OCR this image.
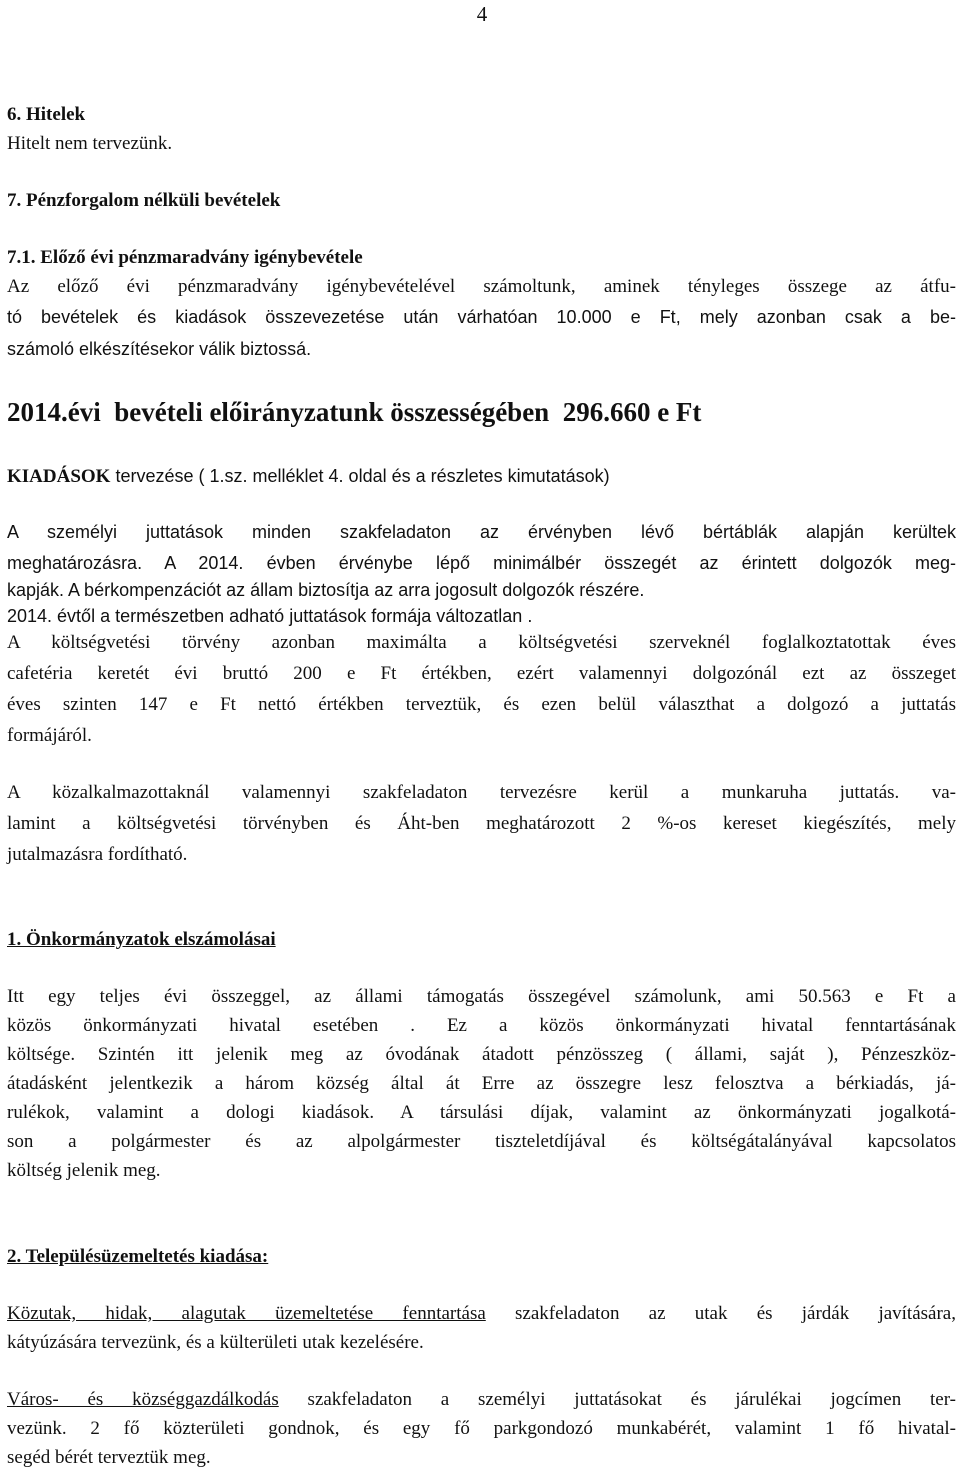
4
6. Hitelek
Hitelt nem tervezünk.
7. Pénzforgalom nélküli bevételek
7.1. Előző évi pénzmaradvány igénybevétele
Az előző évi pénzmaradvány igénybevételével számoltunk, aminek tényleges összege az átfu-
tó bevételek és kiadások összevezetése után várhatóan 10.000 e Ft, mely azonban csak a be-
számoló elkészítésekor válik biztossá.
2014.évi  bevételi előirányzatunk összességében  296.660 e Ft
KIADÁSOK tervezése ( 1.sz. melléklet 4. oldal és a részletes kimutatások)
A személyi juttatások minden szakfeladaton az érvényben lévő bértáblák alapján kerültek
meghatározásra. A 2014. évben érvénybe lépő minimálbér összegét az érintett dolgozók meg-
kapják. A bérkompenzációt az állam biztosítja az arra jogosult dolgozók részére.
2014. évtől a természetben adható juttatások formája változatlan .
A költségvetési törvény azonban maximálta a költségvetési szerveknél foglalkoztatottak éves
cafetéria keretét évi bruttó 200 e Ft értékben, ezért valamennyi dolgozónál ezt az összeget
éves szinten 147 e Ft nettó értékben terveztük, és ezen belül választhat a dolgozó a juttatás
formájáról.
A közalkalmazottaknál valamennyi szakfeladaton tervezésre kerül a munkaruha juttatás. va-
lamint a költségvetési törvényben és Áht-ben meghatározott 2 %-os kereset kiegészítés, mely
jutalmazásra fordítható.
1. Önkormányzatok elszámolásai
Itt egy teljes évi összeggel, az állami támogatás összegével számolunk, ami 50.563 e Ft a
közös önkormányzati hivatal esetében . Ez a közös önkormányzati hivatal fenntartásának
költsége. Szintén itt jelenik meg az óvodának átadott pénzösszeg ( állami, saját ), Pénzeszköz-
átadásként jelentkezik a három község által át Erre az összegre lesz felosztva a bérkiadás, já-
rulékok, valamint a dologi kiadások. A társulási díjak, valamint az önkormányzati jogalkotá-
son a polgármester és az alpolgármester tiszteletdíjával és költségátalányával kapcsolatos
költség jelenik meg.
2. Településüzemeltetés kiadása:
Közutak, hidak, alagutak üzemeltetése fenntartása szakfeladaton az utak és járdák javítására,
kátyúzására tervezünk, és a külterületi utak kezelésére.
Város- és községgazdálkodás szakfeladaton a személyi juttatásokat és járulékai jogcímen ter-
vezünk. 2 fő közterületi gondnok, és egy fő parkgondozó munkabérét, valamint 1 fő hivatal-
segéd bérét terveztük meg.
